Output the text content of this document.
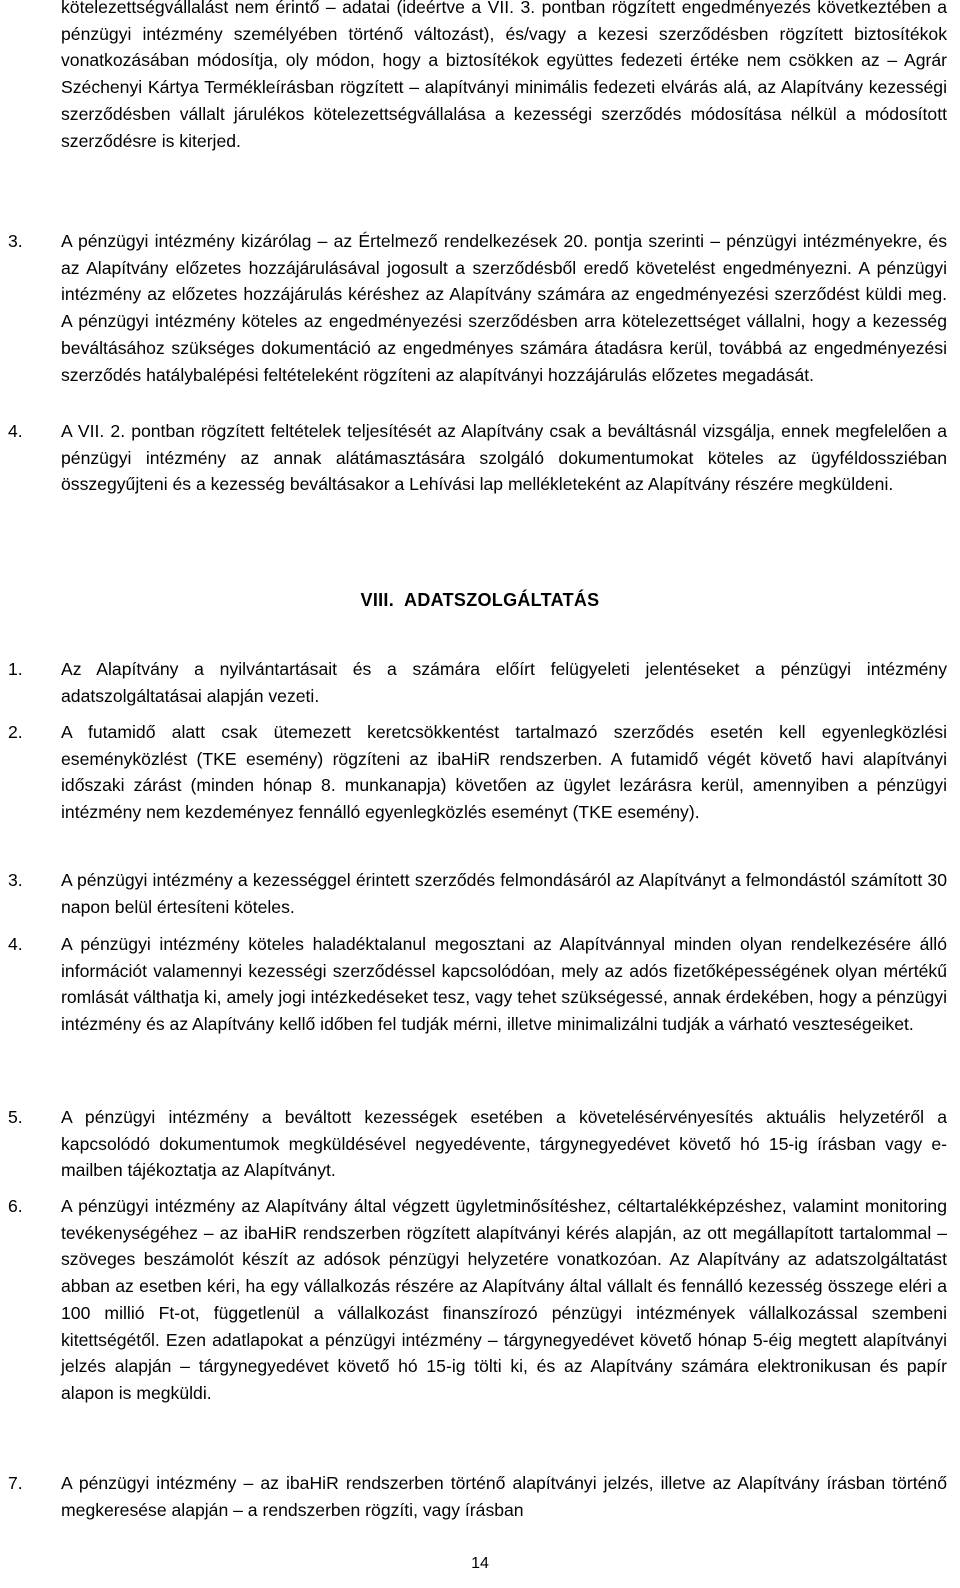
kötelezettségvállalást nem érintő – adatai (ideértve a VII. 3. pontban rögzített engedményezés következtében a pénzügyi intézmény személyében történő változást), és/vagy a kezesi szerződésben rögzített biztosítékok vonatkozásában módosítja, oly módon, hogy a biztosítékok együttes fedezeti értéke nem csökken az – Agrár Széchenyi Kártya Termékleírásban rögzített – alapítványi minimális fedezeti elvárás alá, az Alapítvány kezességi szerződésben vállalt járulékos kötelezettségvállalása a kezességi szerződés módosítása nélkül a módosított szerződésre is kiterjed.

3. A pénzügyi intézmény kizárólag – az Értelmező rendelkezések 20. pontja szerinti – pénzügyi intézményekre, és az Alapítvány előzetes hozzájárulásával jogosult a szerződésből eredő követelést engedményezni. A pénzügyi intézmény az előzetes hozzájárulás kéréshez az Alapítvány számára az engedményezési szerződést küldi meg. A pénzügyi intézmény köteles az engedményezési szerződésben arra kötelezettséget vállalni, hogy a kezesség beváltásához szükséges dokumentáció az engedményes számára átadásra kerül, továbbá az engedményezési szerződés hatálybalépési feltételeként rögzíteni az alapítványi hozzájárulás előzetes megadását.

4. A VII. 2. pontban rögzített feltételek teljesítését az Alapítvány csak a beváltásnál vizsgálja, ennek megfelelően a pénzügyi intézmény az annak alátámasztására szolgáló dokumentumokat köteles az ügyféldossziéban összegyűjteni és a kezesség beváltásakor a Lehívási lap mellékleteként az Alapítvány részére megküldeni.

VIII. ADATSZOLGÁLTATÁS
1. Az Alapítvány a nyilvántartásait és a számára előírt felügyeleti jelentéseket a pénzügyi intézmény adatszolgáltatásai alapján vezeti.

2. A futamidő alatt csak ütemezett keretcsökkentést tartalmazó szerződés esetén kell egyenlegközlési eseményközlést (TKE esemény) rögzíteni az ibaHiR rendszerben. A futamidő végét követő havi alapítványi időszaki zárást (minden hónap 8. munkanapja) követően az ügylet lezárásra kerül, amennyiben a pénzügyi intézmény nem kezdeményez fennálló egyenlegközlés eseményt (TKE esemény).

3. A pénzügyi intézmény a kezességgel érintett szerződés felmondásáról az Alapítványt a felmondástól számított 30 napon belül értesíteni köteles.

4. A pénzügyi intézmény köteles haladéktalanul megosztani az Alapítvánnyal minden olyan rendelkezésére álló információt valamennyi kezességi szerződéssel kapcsolódóan, mely az adós fizetőképességének olyan mértékű romlását válthatja ki, amely jogi intézkedéseket tesz, vagy tehet szükségessé, annak érdekében, hogy a pénzügyi intézmény és az Alapítvány kellő időben fel tudják mérni, illetve minimalizálni tudják a várható veszteségeiket.

5. A pénzügyi intézmény a beváltott kezességek esetében a követelésérvényesítés aktuális helyzetéről a kapcsolódó dokumentumok megküldésével negyedévente, tárgynegyedévet követő hó 15-ig írásban vagy e-mailben tájékoztatja az Alapítványt.

6. A pénzügyi intézmény az Alapítvány által végzett ügyletminősítéshez, céltartalékképzéshez, valamint monitoring tevékenységéhez – az ibaHiR rendszerben rögzített alapítványi kérés alapján, az ott megállapított tartalommal – szöveges beszámolót készít az adósok pénzügyi helyzetére vonatkozóan. Az Alapítvány az adatszolgáltatást abban az esetben kéri, ha egy vállalkozás részére az Alapítvány által vállalt és fennálló kezesség összege eléri a 100 millió Ft-ot, függetlenül a vállalkozást finanszírozó pénzügyi intézmények vállalkozással szembeni kitettségétől. Ezen adatlapokat a pénzügyi intézmény – tárgynegyedévet követő hónap 5-éig megtett alapítványi jelzés alapján – tárgynegyedévet követő hó 15-ig tölti ki, és az Alapítvány számára elektronikusan és papír alapon is megküldi.

7. A pénzügyi intézmény – az ibaHiR rendszerben történő alapítványi jelzés, illetve az Alapítvány írásban történő megkeresése alapján – a rendszerben rögzíti, vagy írásban

14
